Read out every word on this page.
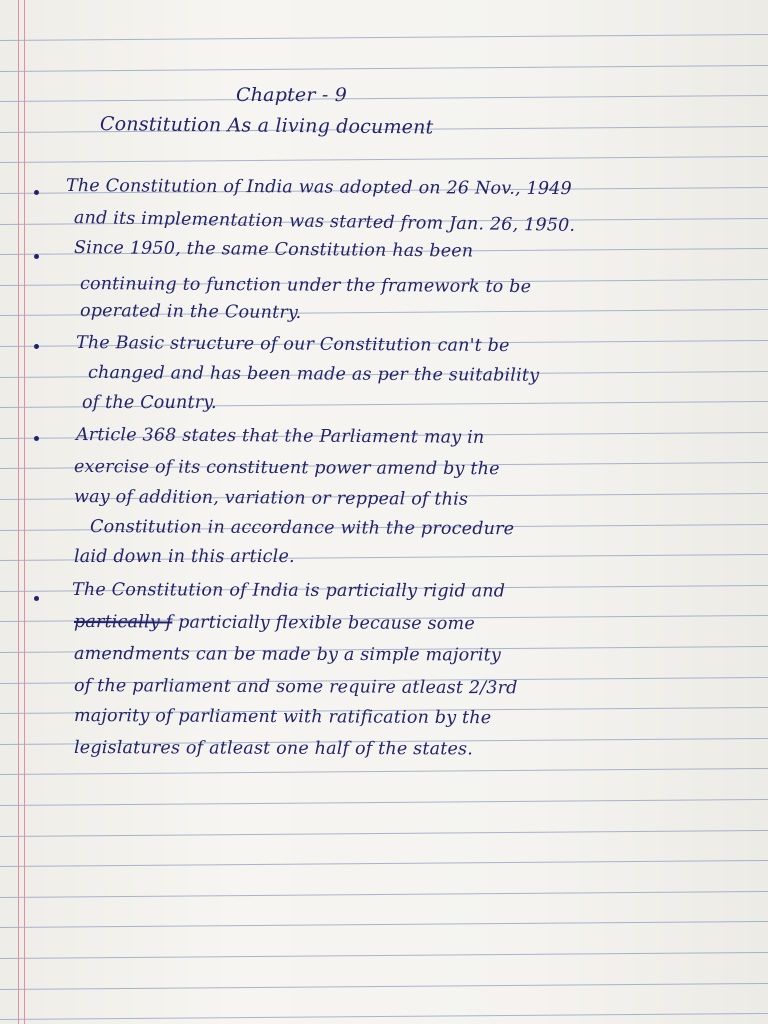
Chapter - 9
Constitution As a living document
The Constitution of India was adopted on 26 Nov., 1949
and its implementation was started from Jan. 26, 1950.
Since 1950, the same Constitution has been
continuing to function under the framework to be
operated in the Country.
The Basic structure of our Constitution can't be
changed and has been made as per the suitability
of the Country.
Article 368 states that the Parliament may in
exercise of its constituent power amend by the
way of addition, variation or reppeal of this
Constitution in accordance with the procedure
laid down in this article.
The Constitution of India is particially rigid and
partically f particially flexible because some
amendments can be made by a simple majority
of the parliament and some require atleast 2/3rd
majority of parliament with ratification by the
legislatures of atleast one half of the states.
